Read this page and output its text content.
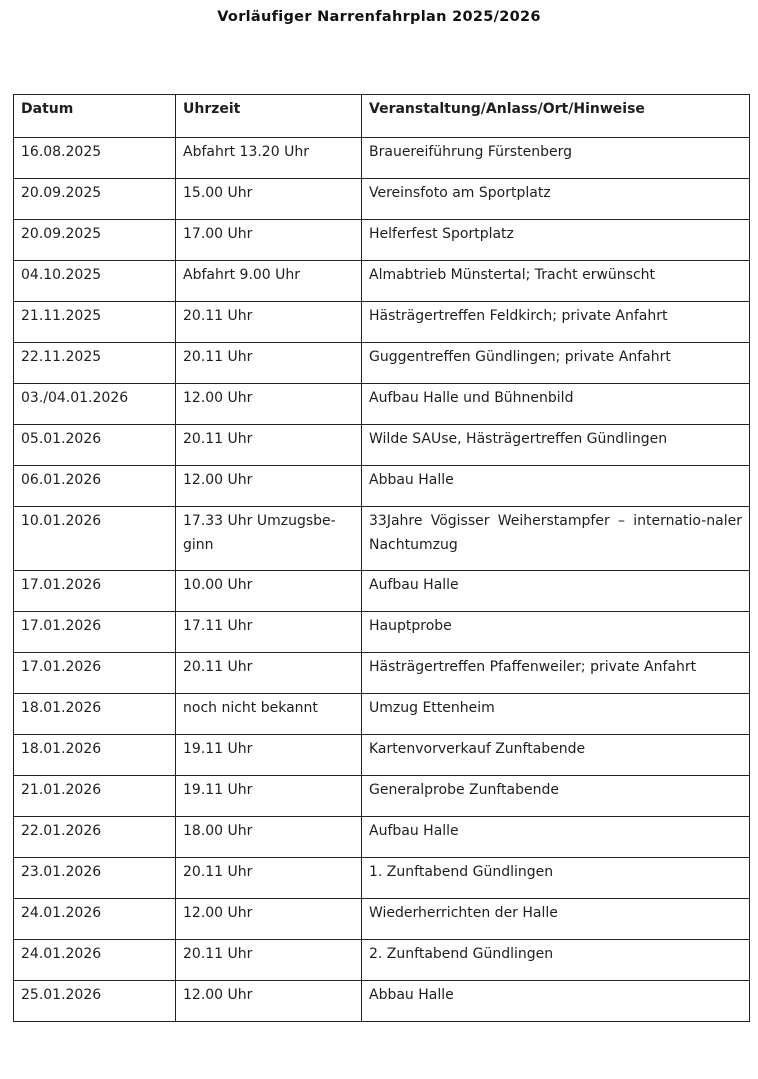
Vorläufiger Narrenfahrplan 2025/2026
Datum	Uhrzeit	Veranstaltung/Anlass/Ort/Hinweise
16.08.2025	Abfahrt 13.20 Uhr	Brauereiführung Fürstenberg
20.09.2025	15.00 Uhr	Vereinsfoto am Sportplatz
20.09.2025	17.00 Uhr	Helferfest Sportplatz
04.10.2025	Abfahrt 9.00 Uhr	Almabtrieb Münstertal; Tracht erwünscht
21.11.2025	20.11 Uhr	Hästrägertreffen Feldkirch; private Anfahrt
22.11.2025	20.11 Uhr	Guggentreffen Gündlingen; private Anfahrt
03./04.01.2026	12.00 Uhr	Aufbau Halle und Bühnenbild
05.01.2026	20.11 Uhr	Wilde SAUse, Hästrägertreffen Gündlingen
06.01.2026	12.00 Uhr	Abbau Halle
10.01.2026	17.33 Uhr Umzugsbe-ginn	33Jahre Vögisser Weiherstampfer – internatio-naler Nachtumzug
17.01.2026	10.00 Uhr	Aufbau Halle
17.01.2026	17.11 Uhr	Hauptprobe
17.01.2026	20.11 Uhr	Hästrägertreffen Pfaffenweiler; private Anfahrt
18.01.2026	noch nicht bekannt	Umzug Ettenheim
18.01.2026	19.11 Uhr	Kartenvorverkauf Zunftabende
21.01.2026	19.11 Uhr	Generalprobe Zunftabende
22.01.2026	18.00 Uhr	Aufbau Halle
23.01.2026	20.11 Uhr	1. Zunftabend Gündlingen
24.01.2026	12.00 Uhr	Wiederherrichten der Halle
24.01.2026	20.11 Uhr	2. Zunftabend Gündlingen
25.01.2026	12.00 Uhr	Abbau Halle
